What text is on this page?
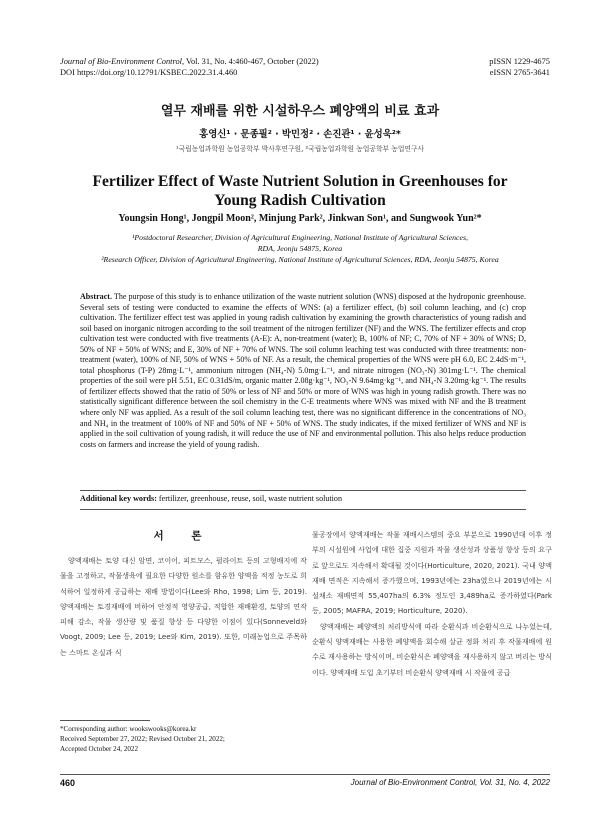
Journal of Bio-Environment Control, Vol. 31, No. 4:460-467, October (2022)
DOI https://doi.org/10.12791/KSBEC.2022.31.4.460
pISSN 1229-4675
eISSN 2765-3641
열무 재배를 위한 시설하우스 폐양액의 비료 효과
홍영신¹ · 문종필² · 박민정² · 손진관¹ · 윤성욱²*
¹국립농업과학원 농업공학부 박사후연구원, ²국립농업과학원 농업공학부 농업연구사
Fertilizer Effect of Waste Nutrient Solution in Greenhouses for
Young Radish Cultivation
Youngsin Hong¹, Jongpil Moon², Minjung Park², Jinkwan Son¹, and Sungwook Yun²*
¹Postdoctoral Researcher, Division of Agricultural Engineering, National Institute of Agricultural Sciences,
RDA, Jeonju 54875, Korea
²Research Officer, Division of Agricultural Engineering, National Institute of Agricultural Sciences, RDA, Jeonju 54875, Korea
Abstract. The purpose of this study is to enhance utilization of the waste nutrient solution (WNS) disposed at the hydroponic greenhouse. Several sets of testing were conducted to examine the effects of WNS: (a) a fertilizer effect, (b) soil column leaching, and (c) crop cultivation. The fertilizer effect test was applied in young radish cultivation by examining the growth characteristics of young radish and soil based on inorganic nitrogen according to the soil treatment of the nitrogen fertilizer (NF) and the WNS. The fertilizer effects and crop cultivation test were conducted with five treatments (A-E): A, non-treatment (water); B, 100% of NF; C, 70% of NF + 30% of WNS; D, 50% of NF + 50% of WNS; and E, 30% of NF + 70% of WNS. The soil column leaching test was conducted with three treatments: non-treatment (water), 100% of NF, 50% of WNS + 50% of NF. As a result, the chemical properties of the WNS were pH 6.0, EC 2.4dS·m⁻¹, total phosphorus (T-P) 28mg·L⁻¹, ammonium nitrogen (NH₄-N) 5.0mg·L⁻¹, and nitrate nitrogen (NO₃-N) 301mg·L⁻¹. The chemical properties of the soil were pH 5.51, EC 0.31dS/m, organic matter 2.08g·kg⁻¹, NO₃-N 9.64mg·kg⁻¹, and NH₄-N 3.20mg·kg⁻¹. The results of fertilizer effects showed that the ratio of 50% or less of NF and 50% or more of WNS was high in young radish growth. There was no statistically significant difference between the soil chemistry in the C-E treatments where WNS was mixed with NF and the B treatment where only NF was applied. As a result of the soil column leaching test, there was no significant difference in the concentrations of NO₃ and NH₄ in the treatment of 100% of NF and 50% of NF + 50% of WNS. The study indicates, if the mixed fertilizer of WNS and NF is applied in the soil cultivation of young radish, it will reduce the use of NF and environmental pollution. This also helps reduce production costs on farmers and increase the yield of young radish.
Additional key words: fertilizer, greenhouse, reuse, soil, waste nutrient solution
서 론
양액재배는 토양 대신 암면, 코이어, 피트모스, 펄라이트 등의 고형배지에 작물을 고정하고, 작물생육에 필요한 다양한 원소를 함유한 양액을 적정 농도로 희석하여 일정하게 공급하는 재배 방법이다(Lee와 Rho, 1998; Lim 등, 2019). 양액재배는 토경재배에 비하여 안정적 영양공급, 적합한 재배환경, 토양의 연작 피해 감소, 작물 생산량 및 품질 향상 등 다양한 이점이 있다(Sonneveld와 Voogt, 2009; Lee 등, 2019; Lee와 Kim, 2019). 또한, 미래농업으로 주목하는 스마트 온실과 식
물공장에서 양액재배는 작물 재배시스템의 중요 부분으로 1990년대 이후 정부의 시설원예 사업에 대한 집중 지원과 작물 생산성과 상품성 향상 등의 요구로 앞으로도 지속해서 확대될 것이다(Horticulture, 2020, 2021). 국내 양액재배 면적은 지속해서 증가했으며, 1993년에는 23ha였으나 2019년에는 시설채소 재배면적 55,407ha의 6.3% 정도인 3,489ha로 증가하였다(Park 등, 2005; MAFRA, 2019; Horticulture, 2020).
양액재배는 폐양액의 처리방식에 따라 순환식과 비순환식으로 나누었는데, 순환식 양액재배는 사용한 폐양액을 회수해 살균 정화 처리 후 작물재배에 원수로 재사용하는 방식이며, 비순환식은 폐양액을 재사용하지 않고 버리는 방식이다. 양액재배 도입 초기부터 비순환식 양액재배 시 작물에 공급
*Corresponding author: wookswooks@korea.kr
Received September 27, 2022; Revised October 21, 2022;
Accepted October 24, 2022
460	Journal of Bio-Environment Control, Vol. 31, No. 4, 2022
